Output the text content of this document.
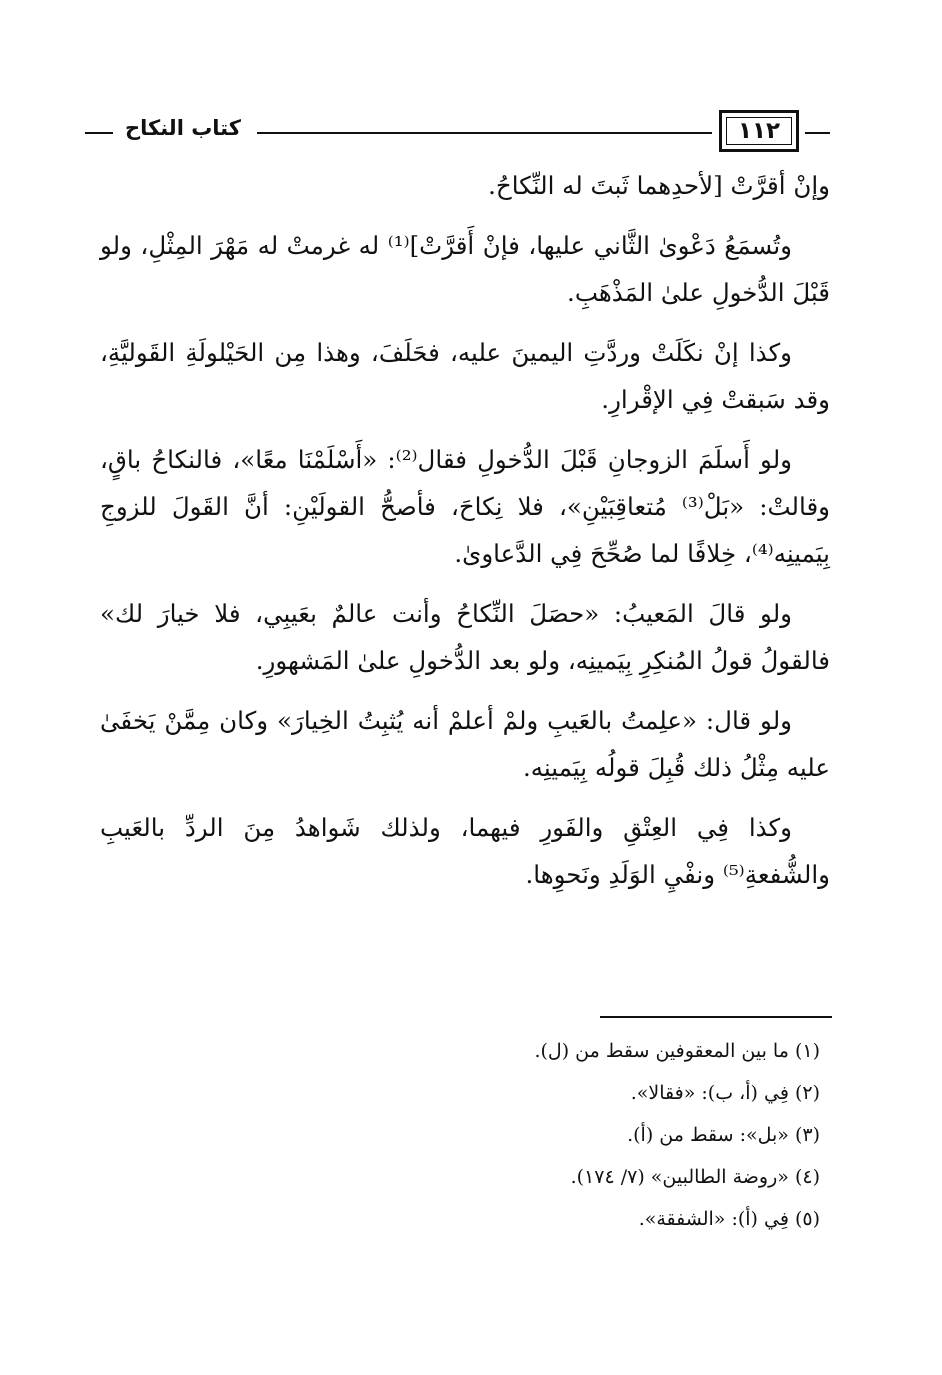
كتاب النكاح	١١٢

وإنْ أقرَّتْ [لأحدِهما ثَبتَ له النِّكاحُ.

وتُسمَعُ دَعْوىٰ الثَّاني عليها، فإنْ أَقرَّتْ]⁽¹⁾ له غرمتْ له مَهْرَ المِثْلِ، ولو قَبْلَ الدُّخولِ علىٰ المَذْهَبِ.

وكذا إنْ نكَلَتْ وردَّتِ اليمينَ عليه، فحَلَفَ، وهذا مِن الحَيْلولَةِ القَوليَّةِ، وقد سَبقتْ فِي الإقْرارِ.

ولو أَسلَمَ الزوجانِ قَبْلَ الدُّخولِ فقال⁽²⁾: «أَسْلَمْنَا معًا»، فالنكاحُ باقٍ، وقالتْ: «بَلْ⁽³⁾ مُتعاقِبَيْنِ»، فلا نِكاحَ، فأصحُّ القولَيْنِ: أنَّ القَولَ للزوجِ بِيَمينِه⁽⁴⁾، خِلافًا لما صُحِّحَ فِي الدَّعاوىٰ.

ولو قالَ المَعيبُ: «حصَلَ النِّكاحُ وأنت عالمٌ بعَيبِي، فلا خيارَ لك» فالقولُ قولُ المُنكِرِ بِيَمينِه، ولو بعد الدُّخولِ علىٰ المَشهورِ.

ولو قال: «علِمتُ بالعَيبِ ولمْ أعلمْ أنه يُثبِتُ الخِيارَ» وكان مِمَّنْ يَخفَىٰ عليه مِثْلُ ذلك قُبِلَ قولُه بِيَمينِه.

وكذا فِي العِتْقِ والفَورِ فيهما، ولذلك شَواهدُ مِنَ الردِّ بالعَيبِ والشُّفعةِ⁽⁵⁾ ونفْيِ الوَلَدِ ونَحوِها.

(١) ما بين المعقوفين سقط من (ل).

(٢) فِي (أ، ب): «فقالا».

(٣) «بل»: سقط من (أ).

(٤) «روضة الطالبين» (٧/ ١٧٤).

(٥) فِي (أ): «الشفقة».
